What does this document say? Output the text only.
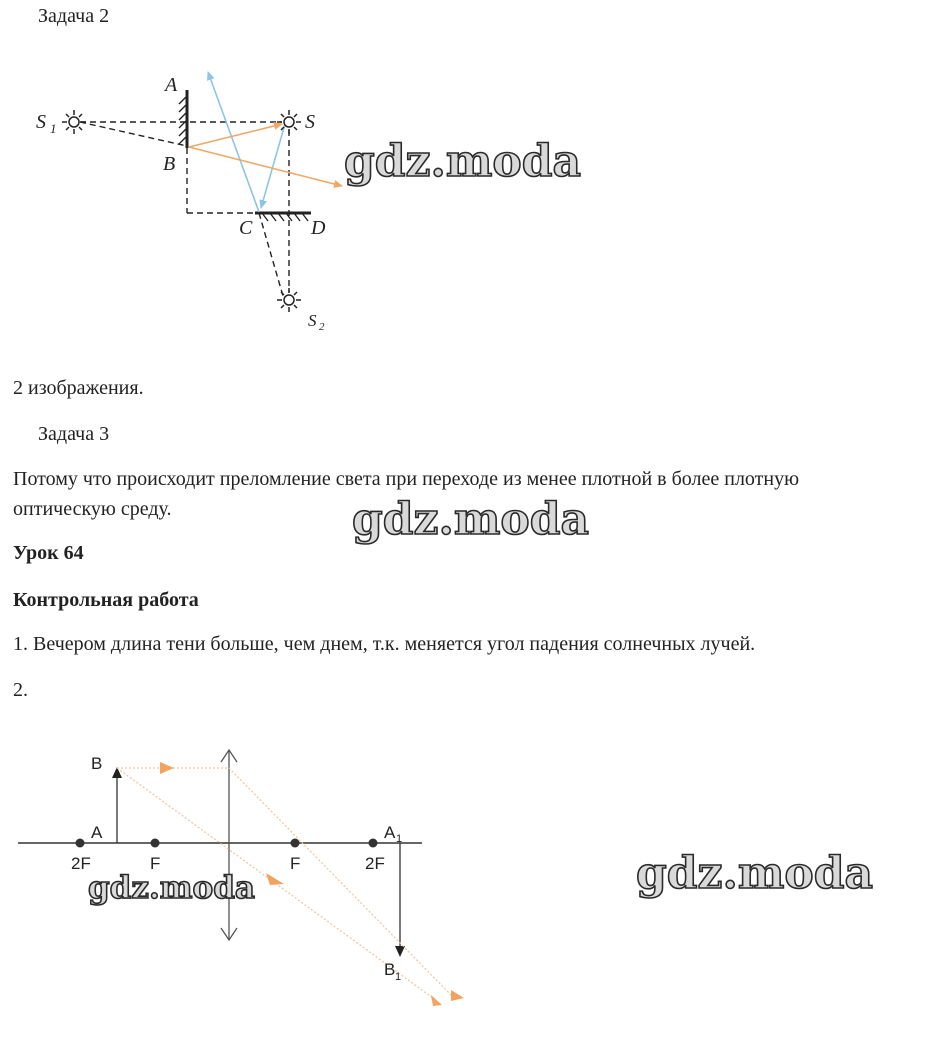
Задача 2
2 изображения.
Задача 3
Потому что происходит преломление света при переходе из менее плотной в более плотную
оптическую среду.
Урок 64
Контрольная работа
1. Вечером длина тени больше, чем днем, т.к. меняется угол падения солнечных лучей.
2.
A
B
C	D
S
S 1
S 2
B
A	A 1
B 1
2F	F	F	2F
gdz.moda
gdz.moda
gdz.moda	gdz.moda
